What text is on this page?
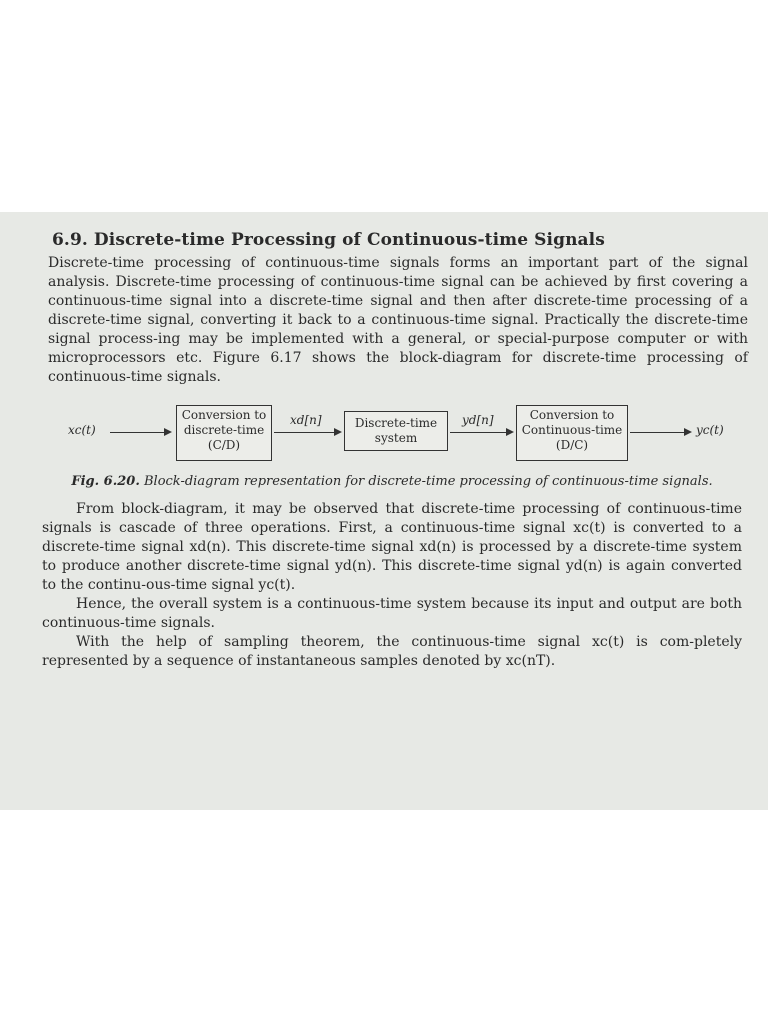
6.9. Discrete-time Processing of Continuous-time Signals

Discrete-time processing of continuous-time signals forms an important part of the signal analysis. Discrete-time processing of continuous-time signal can be achieved by first covering a continuous-time signal into a discrete-time signal and then after discrete-time processing of a discrete-time signal, converting it back to a continuous-time signal. Practically the discrete-time signal process-ing may be implemented with a general, or special-purpose computer or with microprocessors etc. Figure 6.17 shows the block-diagram for discrete-time processing of continuous-time signals.

xc(t)
Conversion to discrete-time (C/D)
xd[n]	Discrete-time system
yd[n]	Conversion to Continuous-time (D/C)
yc(t)
Fig. 6.20. Block-diagram representation for discrete-time processing of continuous-time signals.

From block-diagram, it may be observed that discrete-time processing of continuous-time signals is cascade of three operations. First, a continuous-time signal xc(t) is converted to a discrete-time signal xd(n). This discrete-time signal xd(n) is processed by a discrete-time system to produce another discrete-time signal yd(n). This discrete-time signal yd(n) is again converted to the continu-ous-time signal yc(t).

Hence, the overall system is a continuous-time system because its input and output are both continuous-time signals.

With the help of sampling theorem, the continuous-time signal xc(t) is com-pletely represented by a sequence of instantaneous samples denoted by xc(nT).
